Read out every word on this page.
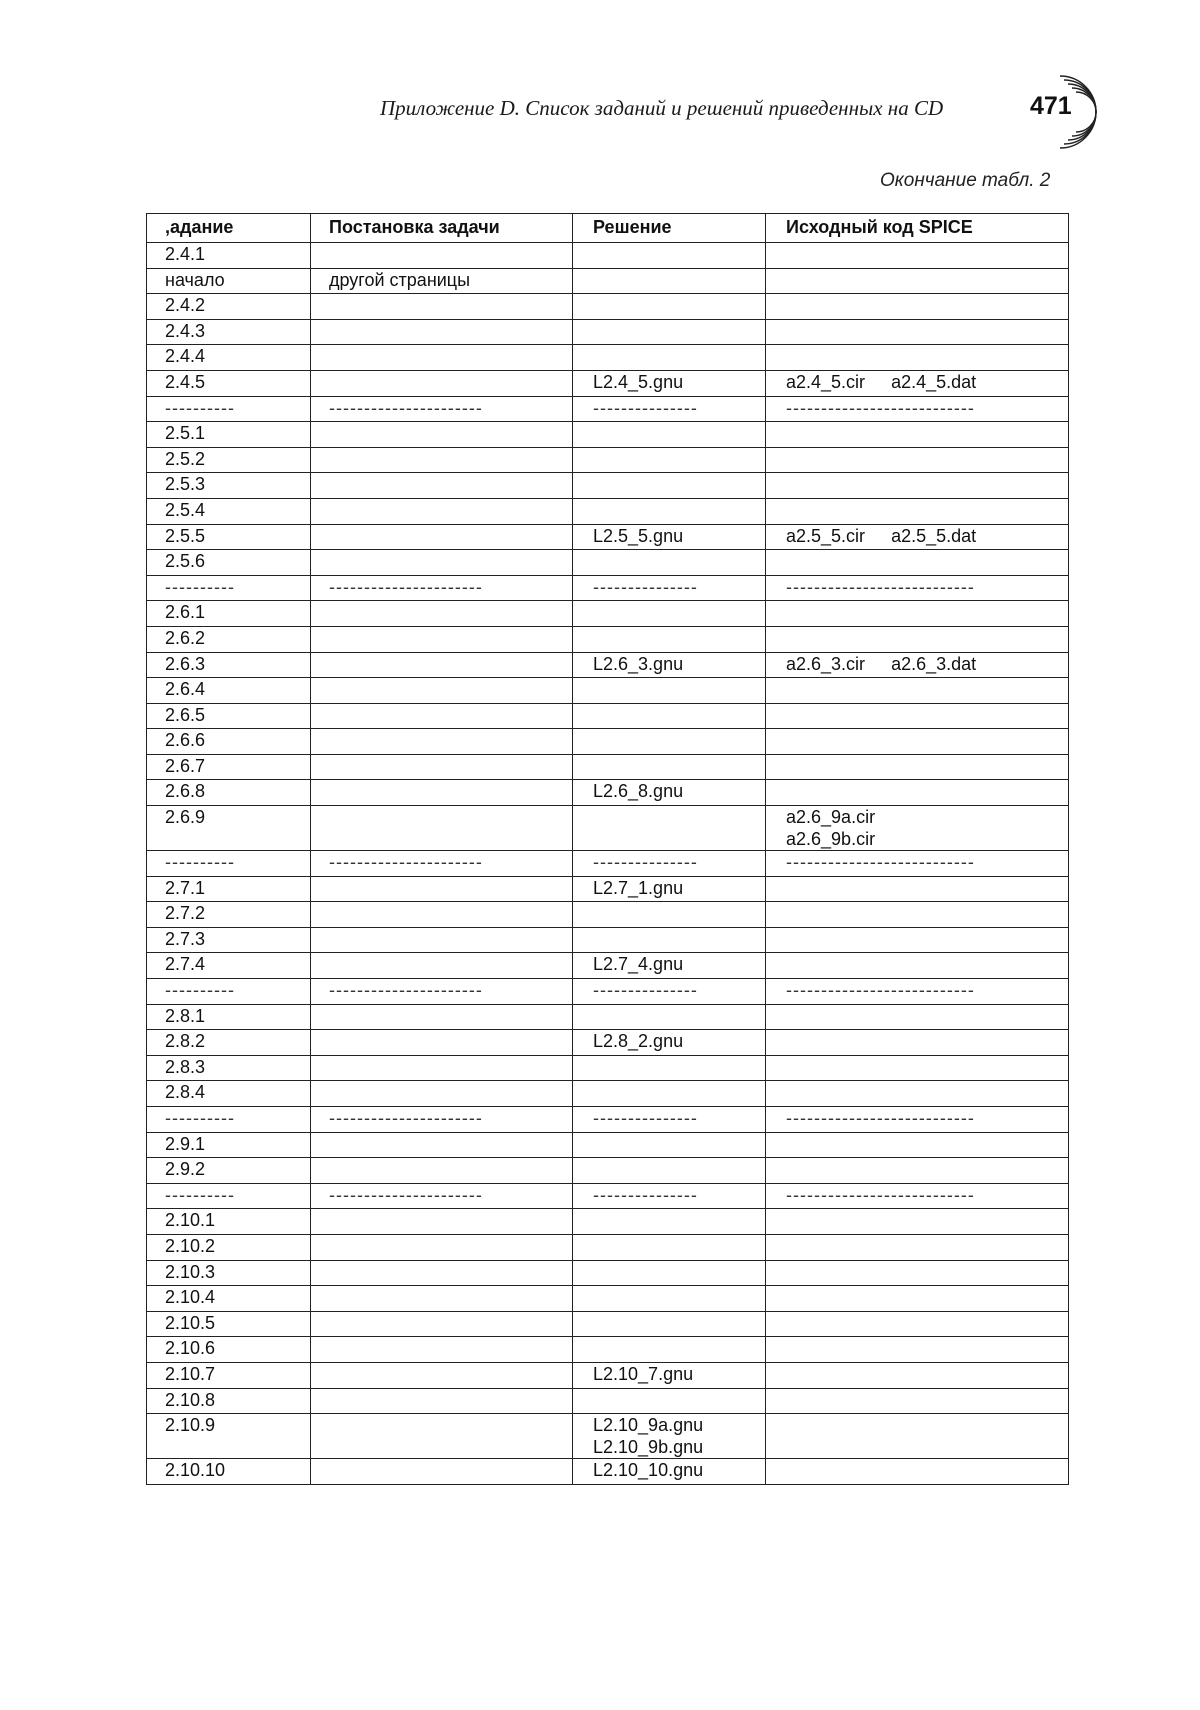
Приложение D. Список заданий и решений приведенных на CD	471
Окончание табл. 2
,адание	Постановка задачи	Решение	Исходный код SPICE
2.4.1			
начало	другой страницы		
2.4.2			
2.4.3			
2.4.4			
2.4.5		L2.4_5.gnu	a2.4_5.cir a2.4_5.dat
----------	----------------------	---------------	---------------------------
2.5.1			
2.5.2			
2.5.3			
2.5.4			
2.5.5		L2.5_5.gnu	a2.5_5.cir a2.5_5.dat
2.5.6			
----------	----------------------	---------------	---------------------------
2.6.1			
2.6.2			
2.6.3		L2.6_3.gnu	a2.6_3.cir a2.6_3.dat
2.6.4			
2.6.5			
2.6.6			
2.6.7			
2.6.8		L2.6_8.gnu	
2.6.9			a2.6_9a.cir
a2.6_9b.cir
----------	----------------------	---------------	---------------------------
2.7.1		L2.7_1.gnu	
2.7.2			
2.7.3			
2.7.4		L2.7_4.gnu	
----------	----------------------	---------------	---------------------------
2.8.1			
2.8.2		L2.8_2.gnu	
2.8.3			
2.8.4			
----------	----------------------	---------------	---------------------------
2.9.1			
2.9.2			
----------	----------------------	---------------	---------------------------
2.10.1			
2.10.2			
2.10.3			
2.10.4			
2.10.5			
2.10.6			
2.10.7		L2.10_7.gnu	
2.10.8			
2.10.9		L2.10_9a.gnu
L2.10_9b.gnu	
2.10.10		L2.10_10.gnu	
